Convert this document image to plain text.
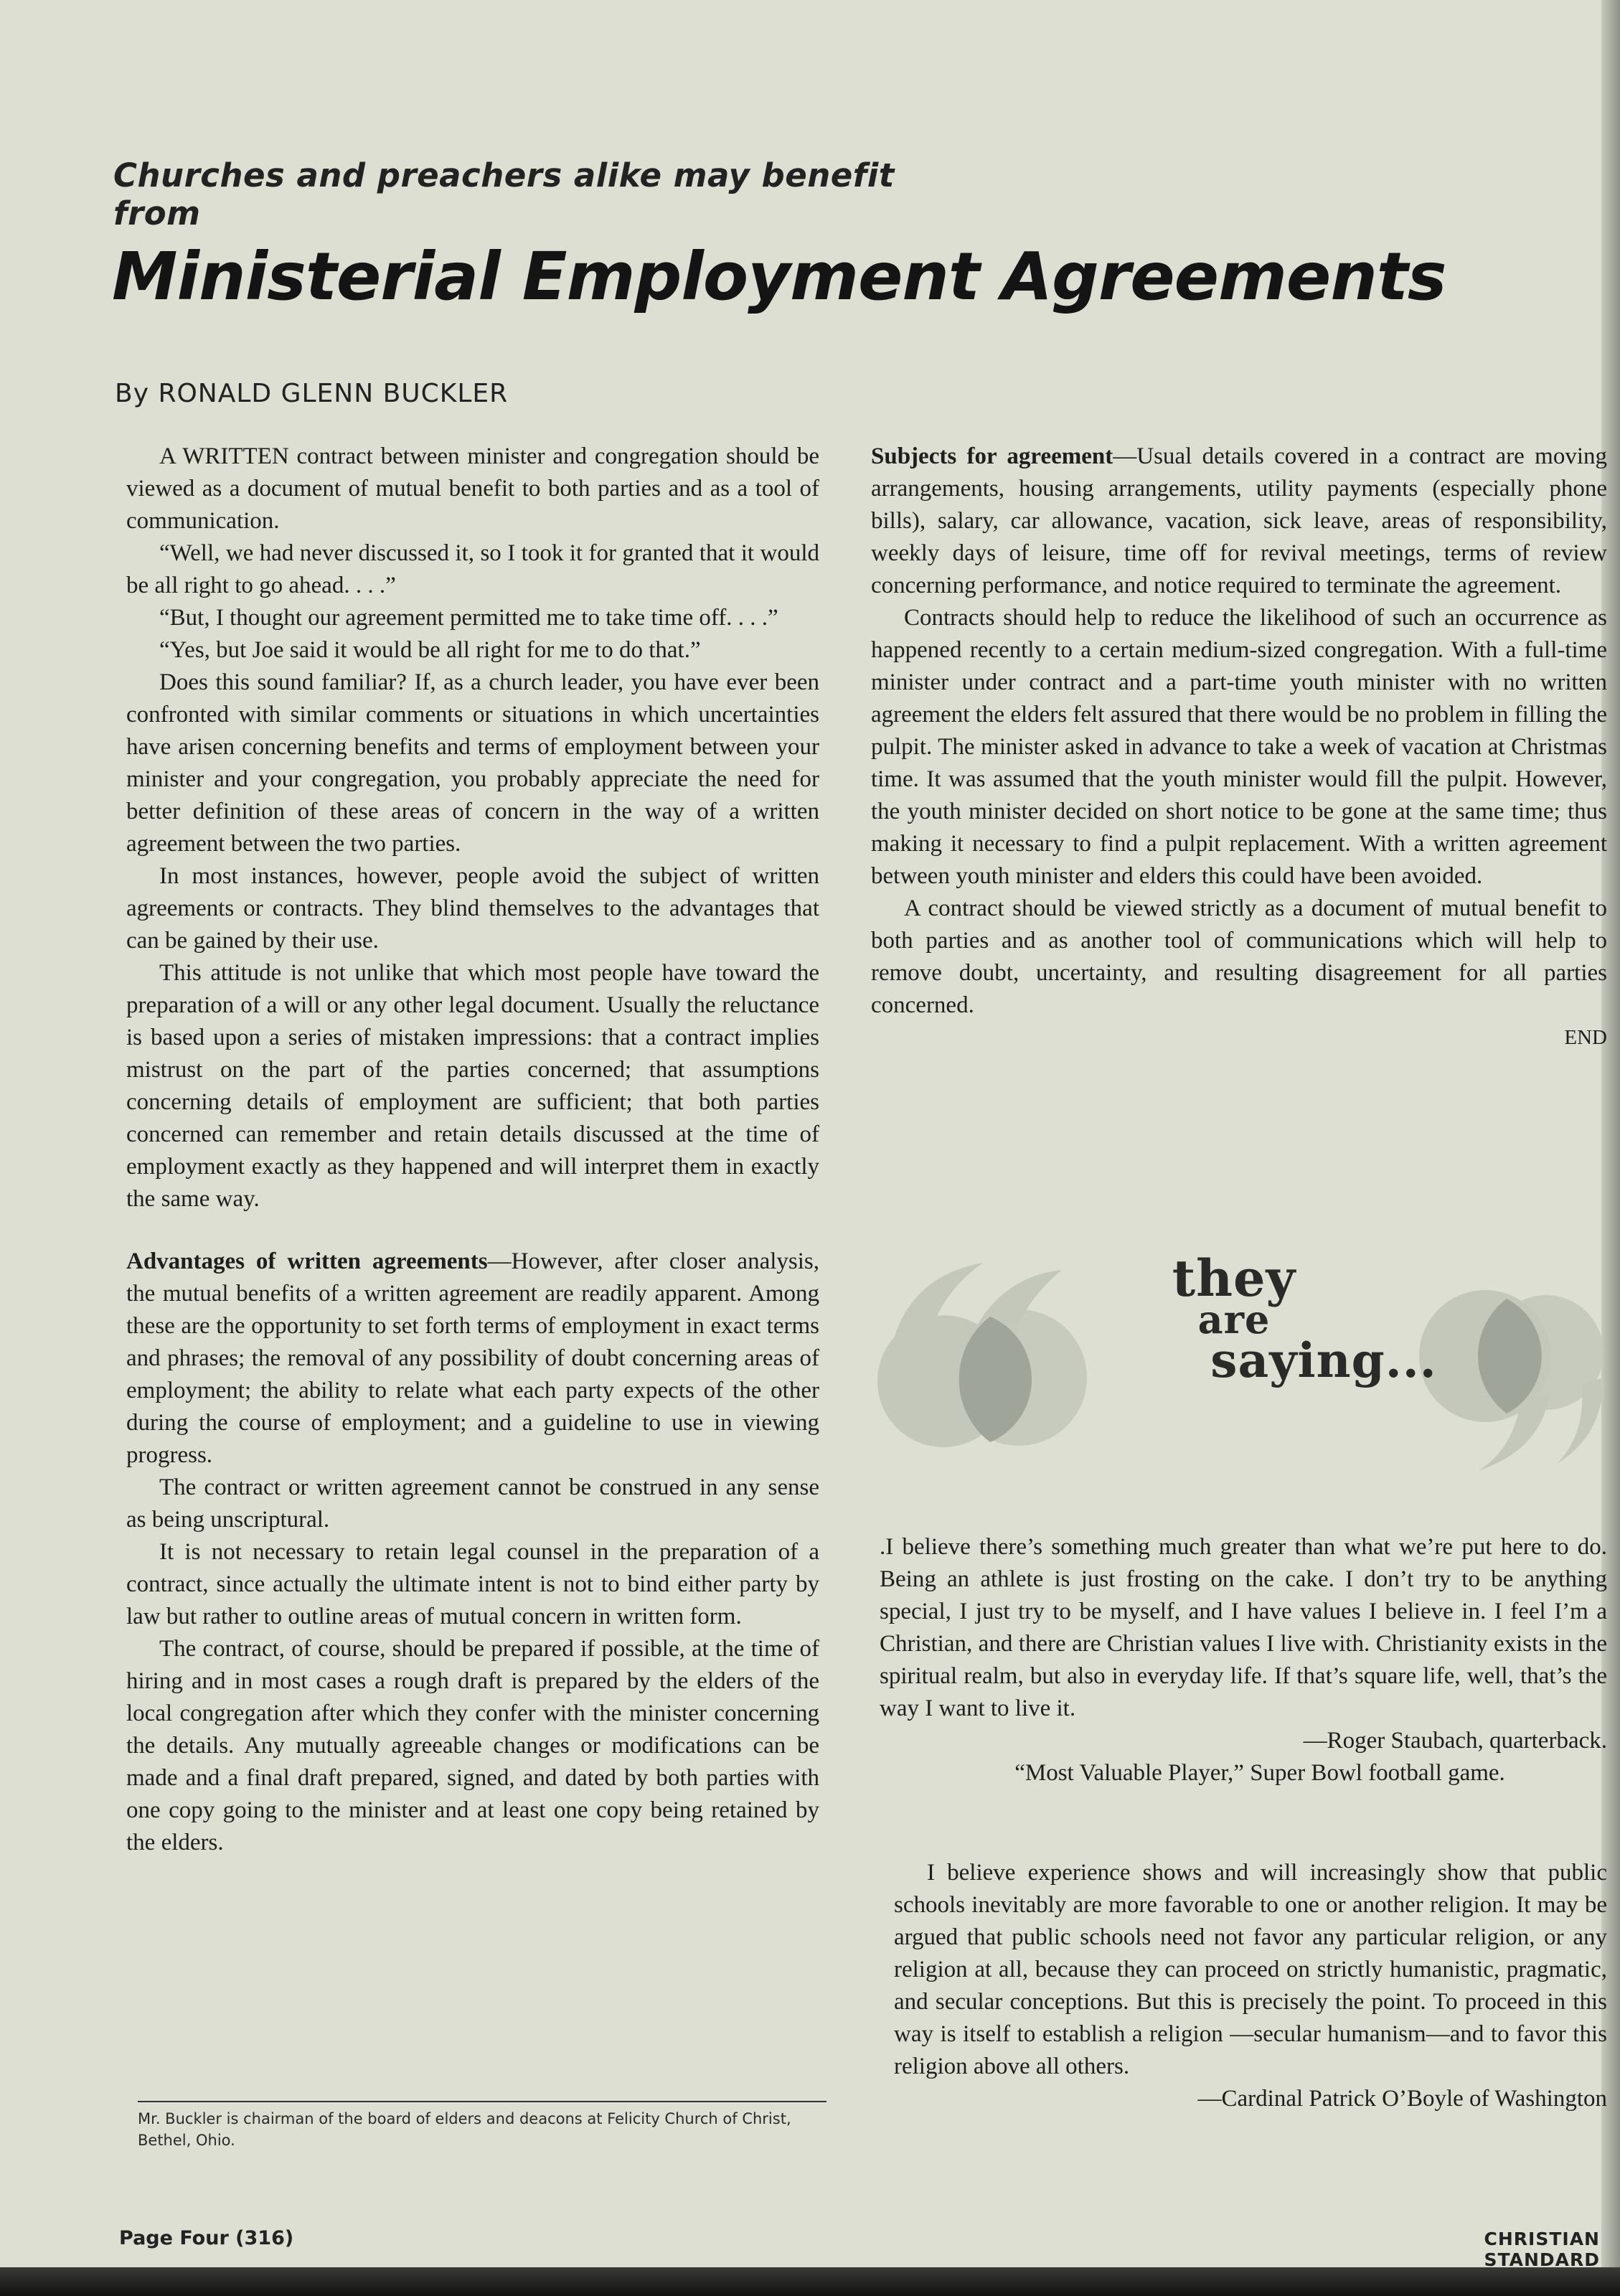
Churches and preachers alike may benefit from
Ministerial Employment Agreements
By RONALD GLENN BUCKLER

A WRITTEN contract between minister and congregation should be viewed as a document of mutual benefit to both parties and as a tool of communication.

“Well, we had never discussed it, so I took it for granted that it would be all right to go ahead. . . .”

“But, I thought our agreement permitted me to take time off. . . .”

“Yes, but Joe said it would be all right for me to do that.”

Does this sound familiar? If, as a church leader, you have ever been confronted with similar comments or situations in which uncertainties have arisen concerning benefits and terms of employment between your minister and your congregation, you probably appreciate the need for better definition of these areas of concern in the way of a written agreement between the two parties.

In most instances, however, people avoid the subject of written agreements or contracts. They blind themselves to the advantages that can be gained by their use.

This attitude is not unlike that which most people have toward the preparation of a will or any other legal document. Usually the reluctance is based upon a series of mistaken impressions: that a contract implies mistrust on the part of the parties concerned; that assumptions concerning details of employment are sufficient; that both parties concerned can remember and retain details discussed at the time of employment exactly as they happened and will interpret them in exactly the same way.

Advantages of written agreements—However, after closer analysis, the mutual benefits of a written agreement are readily apparent. Among these are the opportunity to set forth terms of employment in exact terms and phrases; the removal of any possibility of doubt concerning areas of employment; the ability to relate what each party expects of the other during the course of employment; and a guideline to use in viewing progress.

The contract or written agreement cannot be construed in any sense as being unscriptural.

It is not necessary to retain legal counsel in the preparation of a contract, since actually the ultimate intent is not to bind either party by law but rather to outline areas of mutual concern in written form.

The contract, of course, should be prepared if possible, at the time of hiring and in most cases a rough draft is prepared by the elders of the local congregation after which they confer with the minister concerning the details. Any mutually agreeable changes or modifications can be made and a final draft prepared, signed, and dated by both parties with one copy going to the minister and at least one copy being retained by the elders.

Mr. Buckler is chairman of the board of elders and deacons at Felicity Church of Christ, Bethel, Ohio.

Subjects for agreement—Usual details covered in a contract are moving arrangements, housing arrangements, utility payments (especially phone bills), salary, car allowance, vacation, sick leave, areas of responsibility, weekly days of leisure, time off for revival meetings, terms of review concerning performance, and notice required to terminate the agreement.

Contracts should help to reduce the likelihood of such an occurrence as happened recently to a certain medium-sized congregation. With a full-time minister under contract and a part-time youth minister with no written agreement the elders felt assured that there would be no problem in filling the pulpit. The minister asked in advance to take a week of vacation at Christmas time. It was assumed that the youth minister would fill the pulpit. However, the youth minister decided on short notice to be gone at the same time; thus making it necessary to find a pulpit replacement. With a written agreement between youth minister and elders this could have been avoided.

A contract should be viewed strictly as a document of mutual benefit to both parties and as another tool of communications which will help to remove doubt, uncertainty, and resulting disagreement for all parties concerned.

END

they
are
saying...

.I believe there’s something much greater than what we’re put here to do. Being an athlete is just frosting on the cake. I don’t try to be anything special, I just try to be myself, and I have values I believe in. I feel I’m a Christian, and there are Christian values I live with. Christianity exists in the spiritual realm, but also in everyday life. If that’s square life, well, that’s the way I want to live it.

—Roger Staubach, quarterback.

“Most Valuable Player,” Super Bowl football game.

I believe experience shows and will increasingly show that public schools inevitably are more favorable to one or another religion. It may be argued that public schools need not favor any particular religion, or any religion at all, because they can proceed on strictly humanistic, pragmatic, and secular conceptions. But this is precisely the point. To proceed in this way is itself to establish a religion —secular humanism—and to favor this religion above all others.

—Cardinal Patrick O’Boyle of Washington

Page Four (316)	CHRISTIAN STANDARD
